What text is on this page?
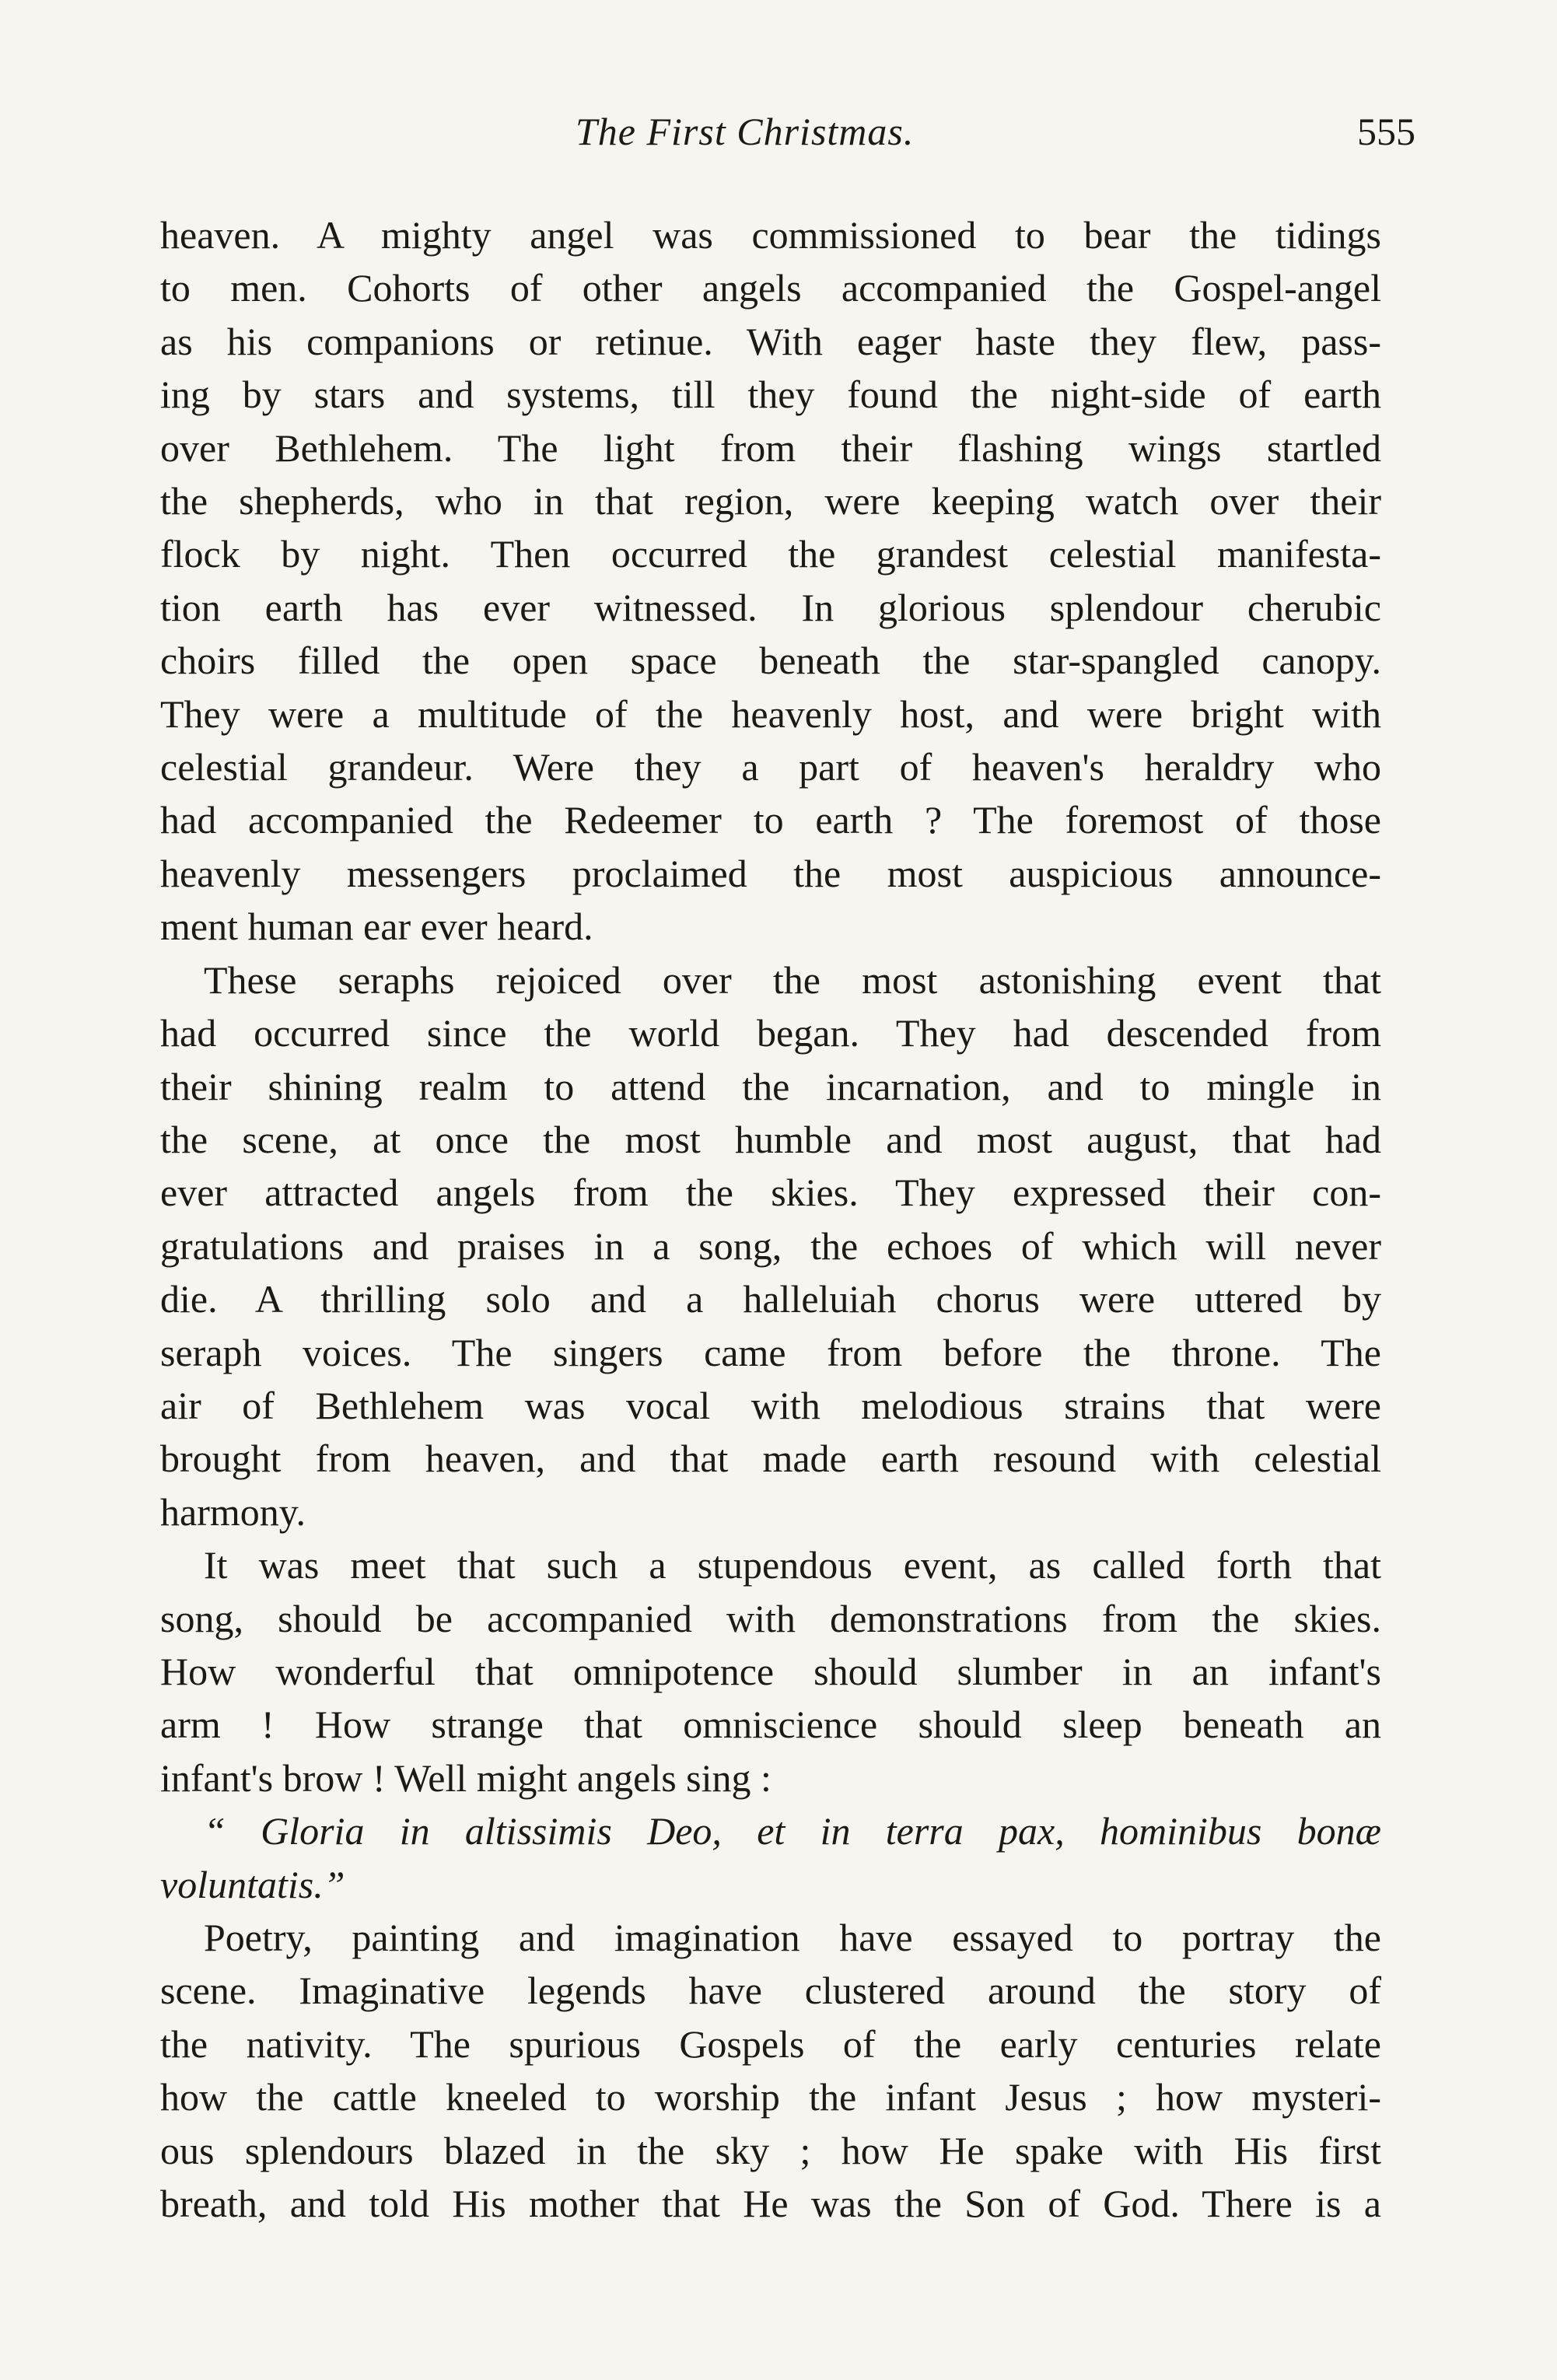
The First Christmas.	555
heaven. A mighty angel was commissioned to bear the tidings
to men. Cohorts of other angels accompanied the Gospel-angel
as his companions or retinue. With eager haste they flew, pass-
ing by stars and systems, till they found the night-side of earth
over Bethlehem. The light from their flashing wings startled
the shepherds, who in that region, were keeping watch over their
flock by night. Then occurred the grandest celestial manifesta-
tion earth has ever witnessed. In glorious splendour cherubic
choirs filled the open space beneath the star-spangled canopy.
They were a multitude of the heavenly host, and were bright with
celestial grandeur. Were they a part of heaven's heraldry who
had accompanied the Redeemer to earth ? The foremost of those
heavenly messengers proclaimed the most auspicious announce-
ment human ear ever heard.
These seraphs rejoiced over the most astonishing event that
had occurred since the world began. They had descended from
their shining realm to attend the incarnation, and to mingle in
the scene, at once the most humble and most august, that had
ever attracted angels from the skies. They expressed their con-
gratulations and praises in a song, the echoes of which will never
die. A thrilling solo and a halleluiah chorus were uttered by
seraph voices. The singers came from before the throne. The
air of Bethlehem was vocal with melodious strains that were
brought from heaven, and that made earth resound with celestial
harmony.
It was meet that such a stupendous event, as called forth that
song, should be accompanied with demonstrations from the skies.
How wonderful that omnipotence should slumber in an infant's
arm ! How strange that omniscience should sleep beneath an
infant's brow ! Well might angels sing :
“ Gloria in altissimis Deo, et in terra pax, hominibus bonæ
voluntatis.”
Poetry, painting and imagination have essayed to portray the
scene. Imaginative legends have clustered around the story of
the nativity. The spurious Gospels of the early centuries relate
how the cattle kneeled to worship the infant Jesus ; how mysteri-
ous splendours blazed in the sky ; how He spake with His first
breath, and told His mother that He was the Son of God. There is a
